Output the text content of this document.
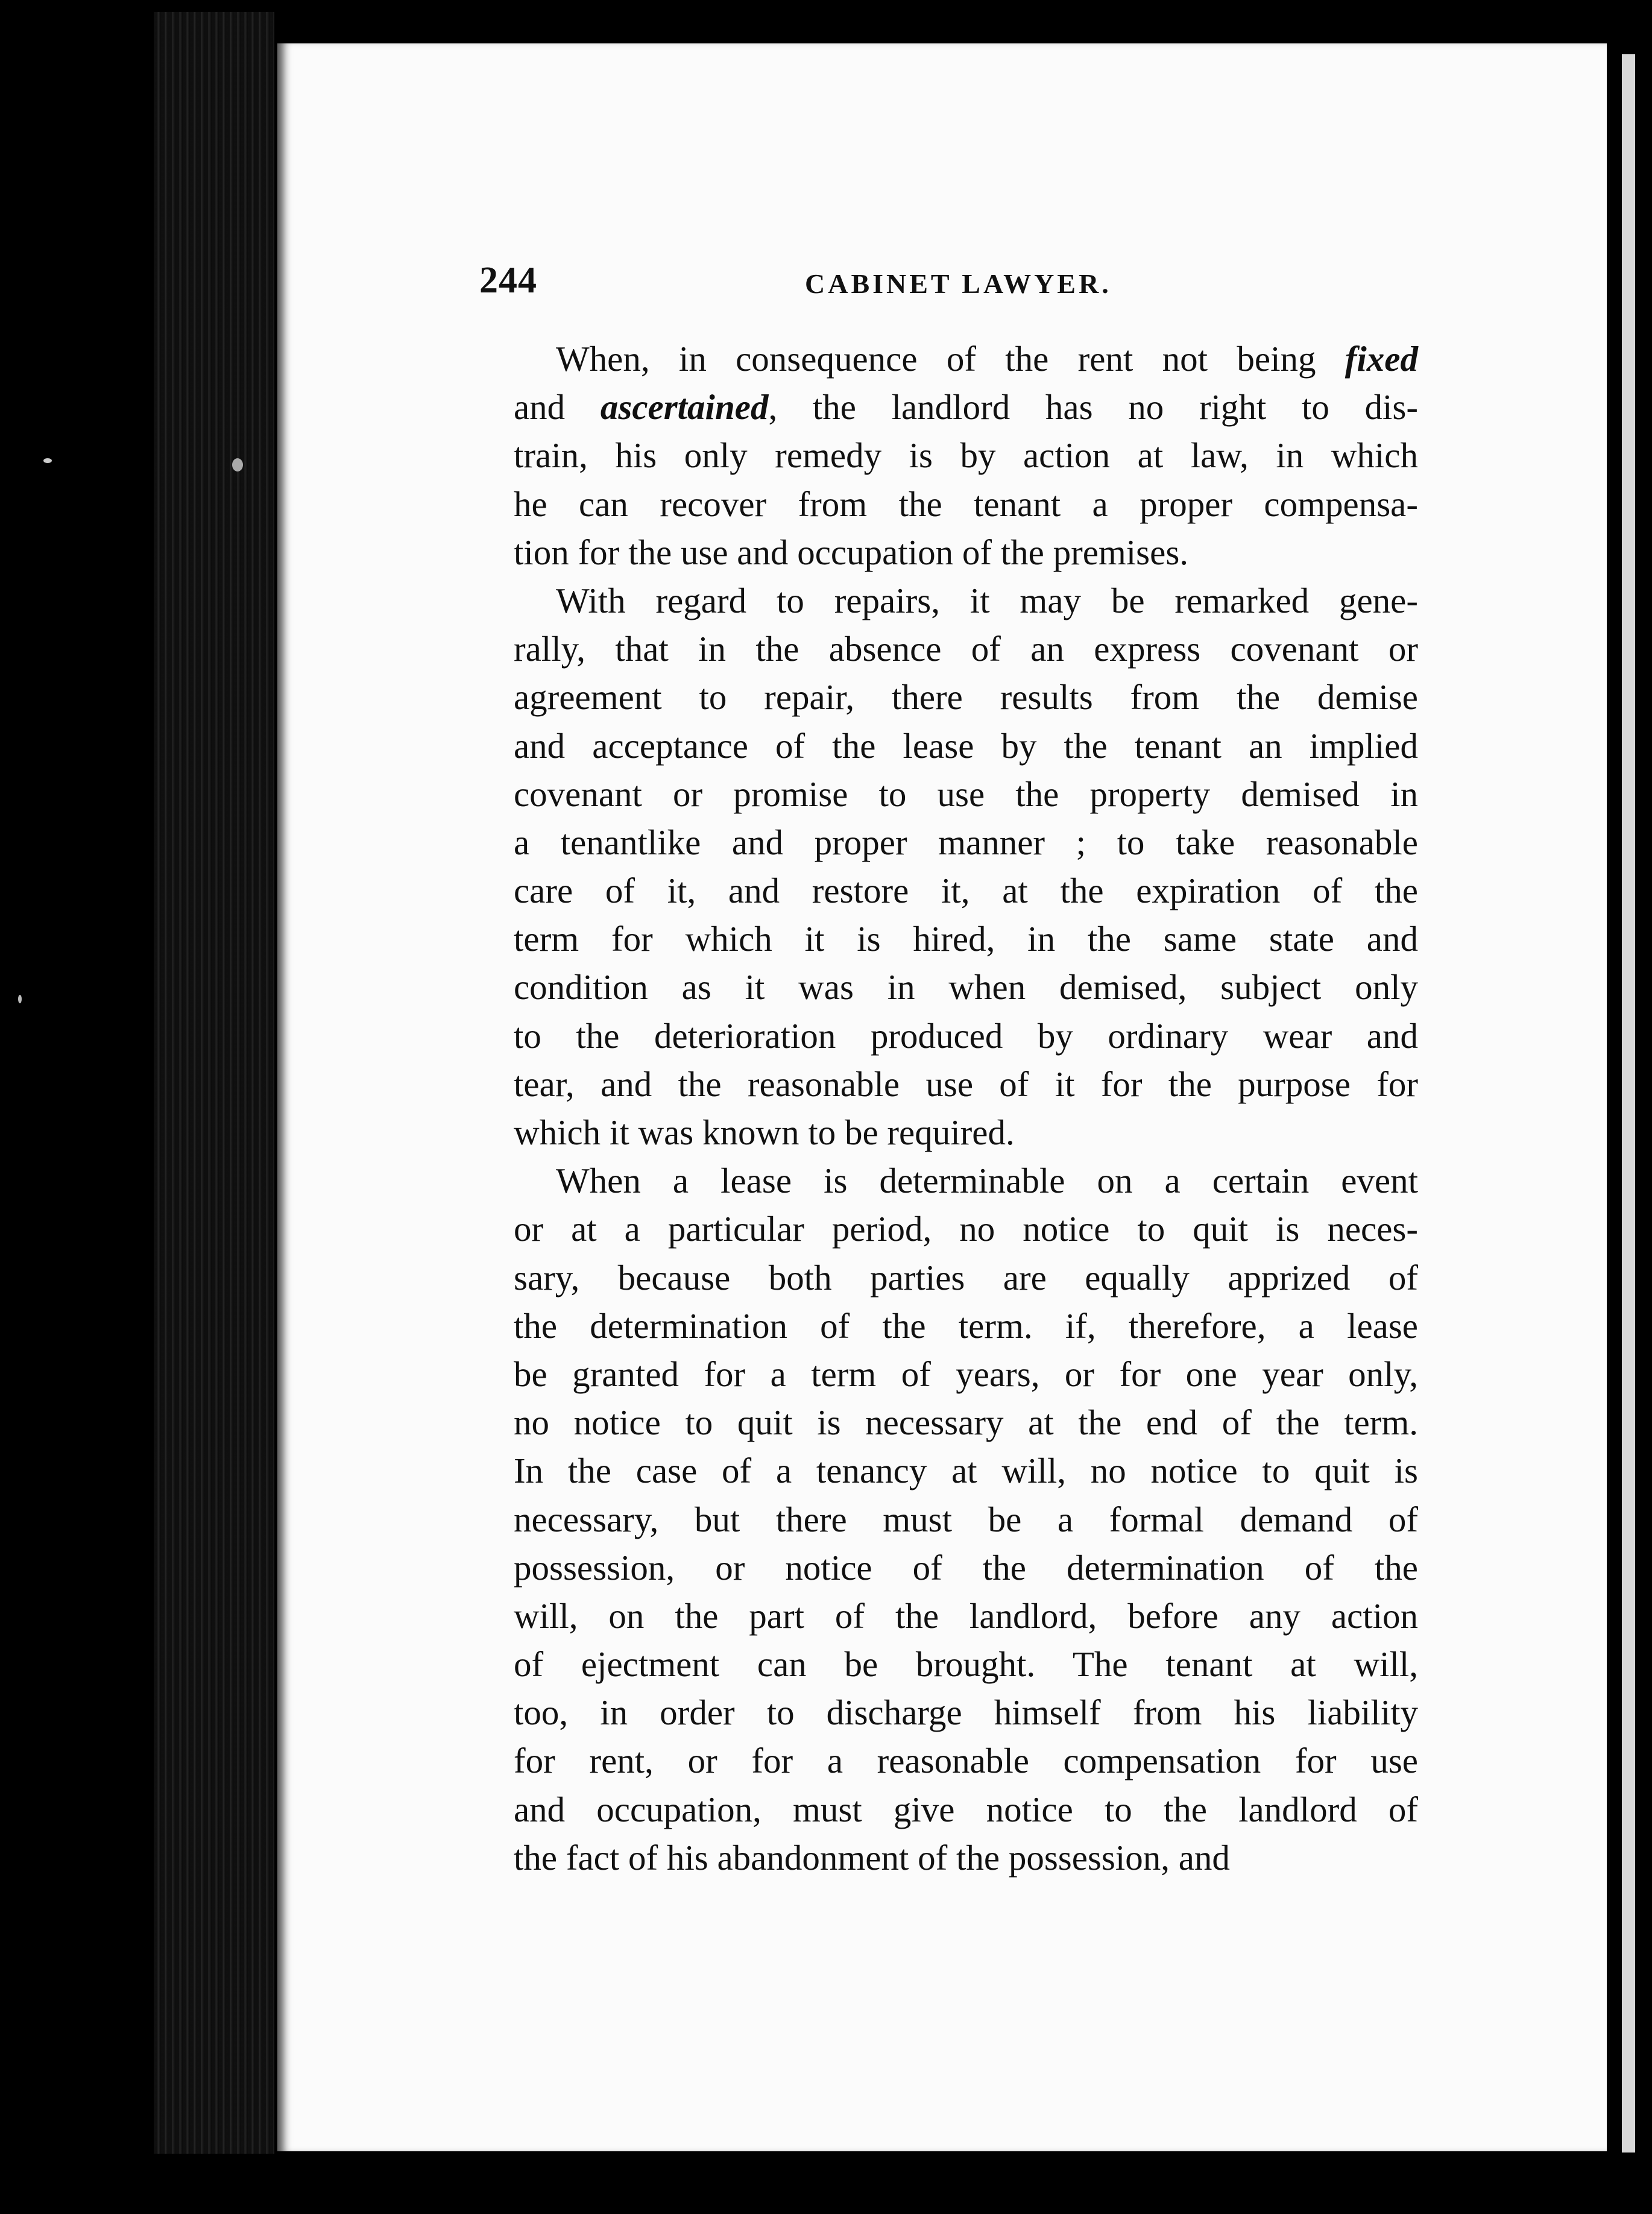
244	CABINET LAWYER.
When, in consequence of the rent not being fixed
and ascertained, the landlord has no right to dis-
train, his only remedy is by action at law, in which
he can recover from the tenant a proper compensa-
tion for the use and occupation of the premises.
With regard to repairs, it may be remarked gene-
rally, that in the absence of an express covenant or
agreement to repair, there results from the demise
and acceptance of the lease by the tenant an implied
covenant or promise to use the property demised in
a tenantlike and proper manner ; to take reasonable
care of it, and restore it, at the expiration of the
term for which it is hired, in the same state and
condition as it was in when demised, subject only
to the deterioration produced by ordinary wear and
tear, and the reasonable use of it for the purpose for
which it was known to be required.
When a lease is determinable on a certain event
or at a particular period, no notice to quit is neces-
sary, because both parties are equally apprized of
the determination of the term. if, therefore, a lease
be granted for a term of years, or for one year only,
no notice to quit is necessary at the end of the term.
In the case of a tenancy at will, no notice to quit is
necessary, but there must be a formal demand of
possession, or notice of the determination of the
will, on the part of the landlord, before any action
of ejectment can be brought. The tenant at will,
too, in order to discharge himself from his liability
for rent, or for a reasonable compensation for use
and occupation, must give notice to the landlord of
the fact of his abandonment of the possession, and
